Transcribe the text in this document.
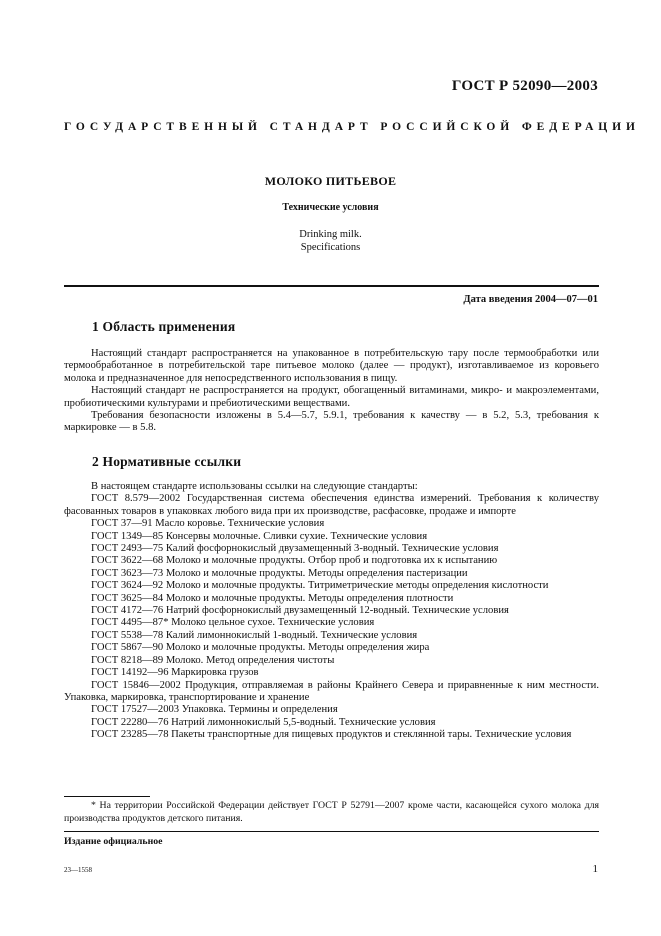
ГОСТ Р 52090—2003
ГОСУДАРСТВЕННЫЙ СТАНДАРТ РОССИЙСКОЙ ФЕДЕРАЦИИ
МОЛОКО ПИТЬЕВОЕ
Технические условия
Drinking milk.
Specifications
Дата введения 2004—07—01
1 Область применения

Настоящий стандарт распространяется на упакованное в потребительскую тару после термообработки или термообработанное в потребительской таре питьевое молоко (далее — продукт), изготавливаемое из коровьего молока и предназначенное для непосредственного использования в пищу.

Настоящий стандарт не распространяется на продукт, обогащенный витаминами, микро- и макроэлементами, пробиотическими культурами и пребиотическими веществами.

Требования безопасности изложены в 5.4—5.7, 5.9.1, требования к качеству — в 5.2, 5.3, требования к маркировке — в 5.8.

2 Нормативные ссылки

В настоящем стандарте использованы ссылки на следующие стандарты:

ГОСТ 8.579—2002 Государственная система обеспечения единства измерений. Требования к количеству фасованных товаров в упаковках любого вида при их производстве, расфасовке, продаже и импорте

ГОСТ 37—91 Масло коровье. Технические условия

ГОСТ 1349—85 Консервы молочные. Сливки сухие. Технические условия

ГОСТ 2493—75 Калий фосфорнокислый двузамещенный 3-водный. Технические условия

ГОСТ 3622—68 Молоко и молочные продукты. Отбор проб и подготовка их к испытанию

ГОСТ 3623—73 Молоко и молочные продукты. Методы определения пастеризации

ГОСТ 3624—92 Молоко и молочные продукты. Титриметрические методы определения кислотности

ГОСТ 3625—84 Молоко и молочные продукты. Методы определения плотности

ГОСТ 4172—76 Натрий фосфорнокислый двузамещенный 12-водный. Технические условия

ГОСТ 4495—87* Молоко цельное сухое. Технические условия

ГОСТ 5538—78 Калий лимоннокислый 1-водный. Технические условия

ГОСТ 5867—90 Молоко и молочные продукты. Методы определения жира

ГОСТ 8218—89 Молоко. Метод определения чистоты

ГОСТ 14192—96 Маркировка грузов

ГОСТ 15846—2002 Продукция, отправляемая в районы Крайнего Севера и приравненные к ним местности. Упаковка, маркировка, транспортирование и хранение

ГОСТ 17527—2003 Упаковка. Термины и определения

ГОСТ 22280—76 Натрий лимоннокислый 5,5-водный. Технические условия

ГОСТ 23285—78 Пакеты транспортные для пищевых продуктов и стеклянной тары. Технические условия

* На территории Российской Федерации действует ГОСТ Р 52791—2007 кроме части, касающейся сухого молока для производства продуктов детского питания.

Издание официальное
23—1558	1
